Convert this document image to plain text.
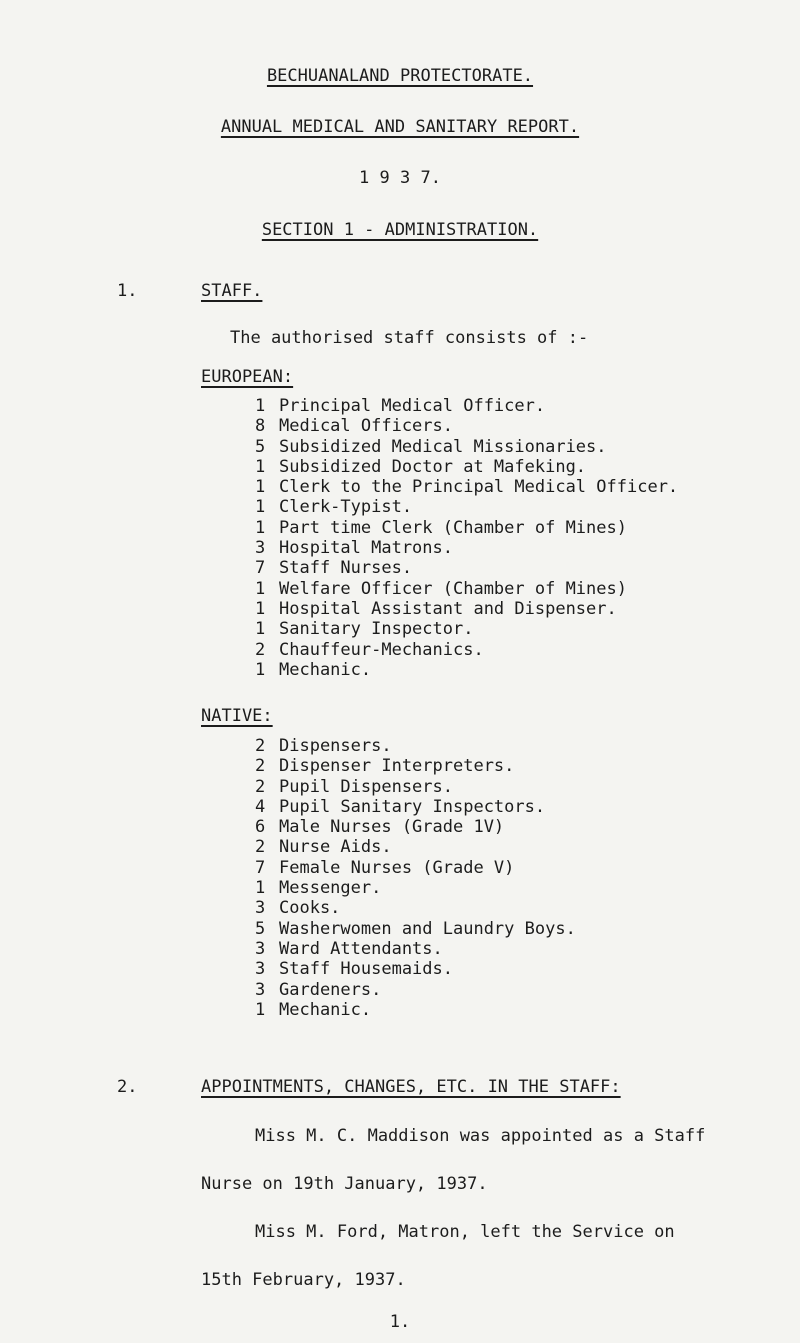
BECHUANALAND PROTECTORATE.
ANNUAL MEDICAL AND SANITARY REPORT.
1 9 3 7.
SECTION 1 - ADMINISTRATION.
1.	STAFF.
The authorised staff consists of :-
EUROPEAN:
1 Principal Medical Officer.
8 Medical Officers.
5 Subsidized Medical Missionaries.
1 Subsidized Doctor at Mafeking.
1 Clerk to the Principal Medical Officer.
1 Clerk-Typist.
1 Part time Clerk (Chamber of Mines)
3 Hospital Matrons.
7 Staff Nurses.
1 Welfare Officer (Chamber of Mines)
1 Hospital Assistant and Dispenser.
1 Sanitary Inspector.
2 Chauffeur-Mechanics.
1 Mechanic.
NATIVE:
2 Dispensers.
2 Dispenser Interpreters.
2 Pupil Dispensers.
4 Pupil Sanitary Inspectors.
6 Male Nurses (Grade 1V)
2 Nurse Aids.
7 Female Nurses (Grade V)
1 Messenger.
3 Cooks.
5 Washerwomen and Laundry Boys.
3 Ward Attendants.
3 Staff Housemaids.
3 Gardeners.
1 Mechanic.
2.	APPOINTMENTS, CHANGES, ETC. IN THE STAFF:
Miss M. C. Maddison was appointed as a Staff
Nurse on 19th January, 1937.
Miss M. Ford, Matron, left the Service on
15th February, 1937.
1.
